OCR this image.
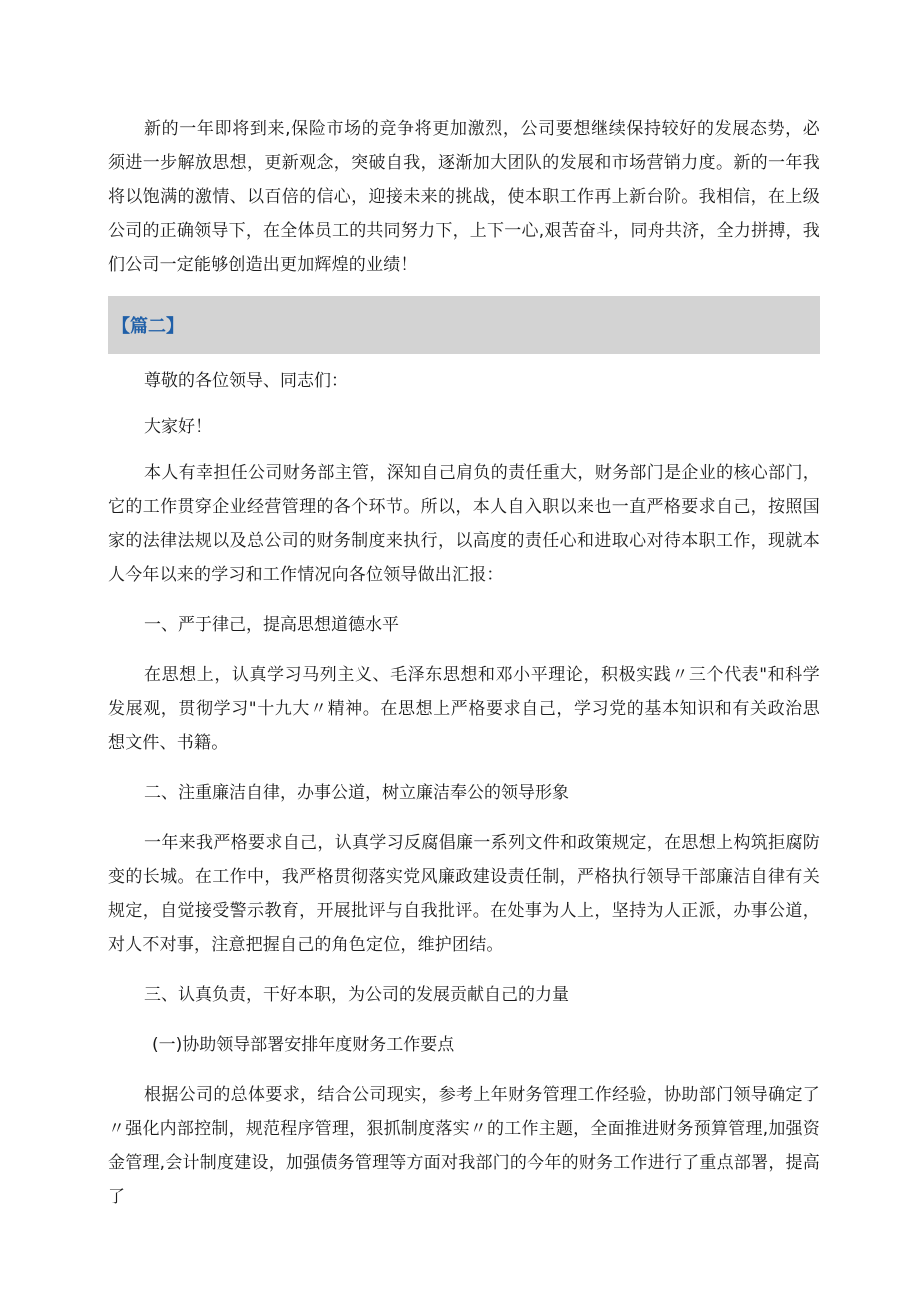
新的一年即将到来,保险市场的竞争将更加激烈，公司要想继续保持较好的发展态势，必须进一步解放思想，更新观念，突破自我，逐渐加大团队的发展和市场营销力度。新的一年我将以饱满的激情、以百倍的信心，迎接未来的挑战，使本职工作再上新台阶。我相信，在上级公司的正确领导下，在全体员工的共同努力下，上下一心,艰苦奋斗，同舟共济，全力拼搏，我们公司一定能够创造出更加辉煌的业绩！

【篇二】

尊敬的各位领导、同志们：

大家好！

本人有幸担任公司财务部主管，深知自己肩负的责任重大，财务部门是企业的核心部门，它的工作贯穿企业经营管理的各个环节。所以，本人自入职以来也一直严格要求自己，按照国家的法律法规以及总公司的财务制度来执行，以高度的责任心和进取心对待本职工作，现就本人今年以来的学习和工作情况向各位领导做出汇报：

一、严于律己，提高思想道德水平

在思想上，认真学习马列主义、毛泽东思想和邓小平理论，积极实践〃三个代表"和科学发展观，贯彻学习"十九大〃精神。在思想上严格要求自己，学习党的基本知识和有关政治思想文件、书籍。

二、注重廉洁自律，办事公道，树立廉洁奉公的领导形象

一年来我严格要求自己，认真学习反腐倡廉一系列文件和政策规定，在思想上构筑拒腐防变的长城。在工作中，我严格贯彻落实党风廉政建设责任制，严格执行领导干部廉洁自律有关规定，自觉接受警示教育，开展批评与自我批评。在处事为人上，坚持为人正派，办事公道，对人不对事，注意把握自己的角色定位，维护团结。

三、认真负责，干好本职，为公司的发展贡献自己的力量

(一)协助领导部署安排年度财务工作要点

根据公司的总体要求，结合公司现实，参考上年财务管理工作经验，协助部门领导确定了〃强化内部控制，规范程序管理，狠抓制度落实〃的工作主题，全面推进财务预算管理,加强资金管理,会计制度建设，加强债务管理等方面对我部门的今年的财务工作进行了重点部署，提高了
